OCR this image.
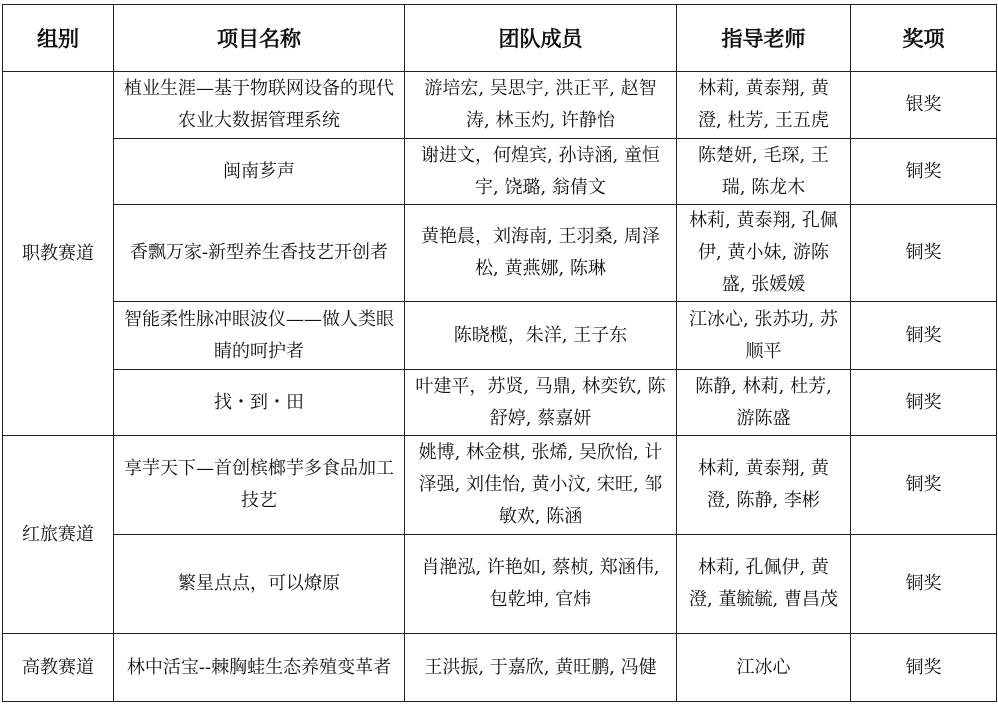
组别	项目名称	团队成员	指导老师	奖项
职教赛道	植业生涯—基于物联网设备的现代农业大数据管理系统	游培宏, 吴思宇, 洪正平, 赵智涛, 林玉灼, 许静怡	林莉, 黄泰翔, 黄澄, 杜芳, 王五虎	银奖
	闽南芗声	谢进文，何煌宾, 孙诗涵, 童恒宇, 饶璐, 翁倩文	陈楚妍, 毛琛, 王瑞, 陈龙木	铜奖
	香飘万家-新型养生香技艺开创者	黄艳晨，刘海南, 王羽桑, 周泽松, 黄燕娜, 陈琳	林莉, 黄泰翔, 孔佩伊, 黄小妹, 游陈盛, 张媛媛	铜奖
	智能柔性脉冲眼波仪——做人类眼睛的呵护者	陈晓榄，朱洋, 王子东	江冰心, 张苏功, 苏顺平	铜奖
	找・到・田	叶建平，苏贤, 马鼎, 林奕钦, 陈舒婷, 蔡嘉妍	陈静, 林莉, 杜芳, 游陈盛	铜奖
红旅赛道	享芋天下—首创槟榔芋多食品加工技艺	姚博, 林金棋, 张烯, 吴欣怡, 计泽强, 刘佳怡, 黄小汶, 宋旺, 邹敏欢, 陈涵	林莉, 黄泰翔, 黄澄, 陈静, 李彬	铜奖
	繁星点点，可以燎原	肖滟泓, 许艳如, 蔡桢, 郑涵伟, 包乾坤, 官炜	林莉, 孔佩伊, 黄澄, 董毓毓, 曹昌茂	铜奖
高教赛道	林中活宝--棘胸蛙生态养殖变革者	王洪振, 于嘉欣, 黄旺鹏, 冯健	江冰心	铜奖
